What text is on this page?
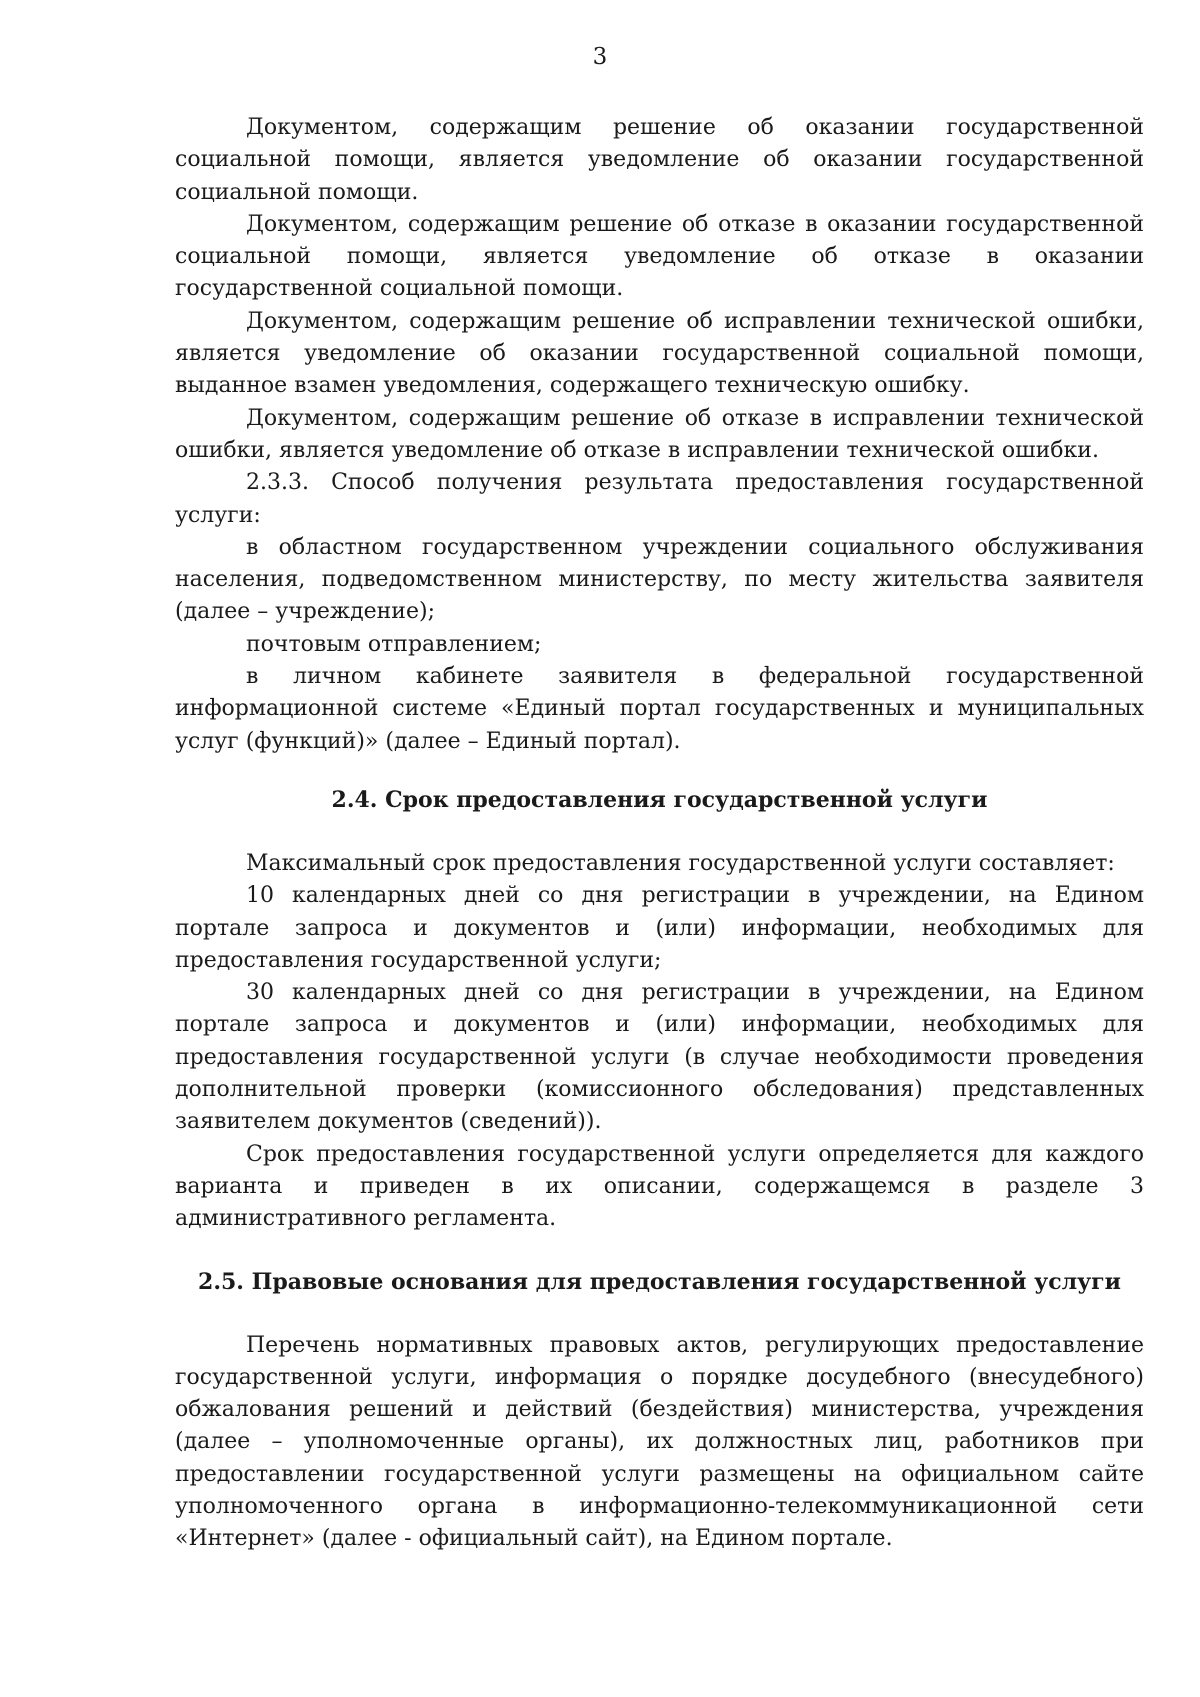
3

Документом, содержащим решение об оказании государственной социальной помощи, является уведомление об оказании государственной социальной помощи.

Документом, содержащим решение об отказе в оказании государственной социальной помощи, является уведомление об отказе в оказании государственной социальной помощи.

Документом, содержащим решение об исправлении технической ошибки, является уведомление об оказании государственной социальной помощи, выданное взамен уведомления, содержащего техническую ошибку.

Документом, содержащим решение об отказе в исправлении технической ошибки, является уведомление об отказе в исправлении технической ошибки.

2.3.3. Способ получения результата предоставления государственной услуги:

в областном государственном учреждении социального обслуживания населения, подведомственном министерству, по месту жительства заявителя (далее – учреждение);

почтовым отправлением;

в личном кабинете заявителя в федеральной государственной информационной системе «Единый портал государственных и муниципальных услуг (функций)» (далее – Единый портал).

2.4. Срок предоставления государственной услуги

Максимальный срок предоставления государственной услуги составляет:

10 календарных дней со дня регистрации в учреждении, на Едином портале запроса и документов и (или) информации, необходимых для предоставления государственной услуги;

30 календарных дней со дня регистрации в учреждении, на Едином портале запроса и документов и (или) информации, необходимых для предоставления государственной услуги (в случае необходимости проведения дополнительной проверки (комиссионного обследования) представленных заявителем документов (сведений)).

Срок предоставления государственной услуги определяется для каждого варианта и приведен в их описании, содержащемся в разделе 3 административного регламента.

2.5. Правовые основания для предоставления государственной услуги

Перечень нормативных правовых актов, регулирующих предоставление государственной услуги, информация о порядке досудебного (внесудебного) обжалования решений и действий (бездействия) министерства, учреждения (далее – уполномоченные органы), их должностных лиц, работников при предоставлении государственной услуги размещены на официальном сайте уполномоченного органа в информационно-телекоммуникационной сети «Интернет» (далее - официальный сайт), на Едином портале.
